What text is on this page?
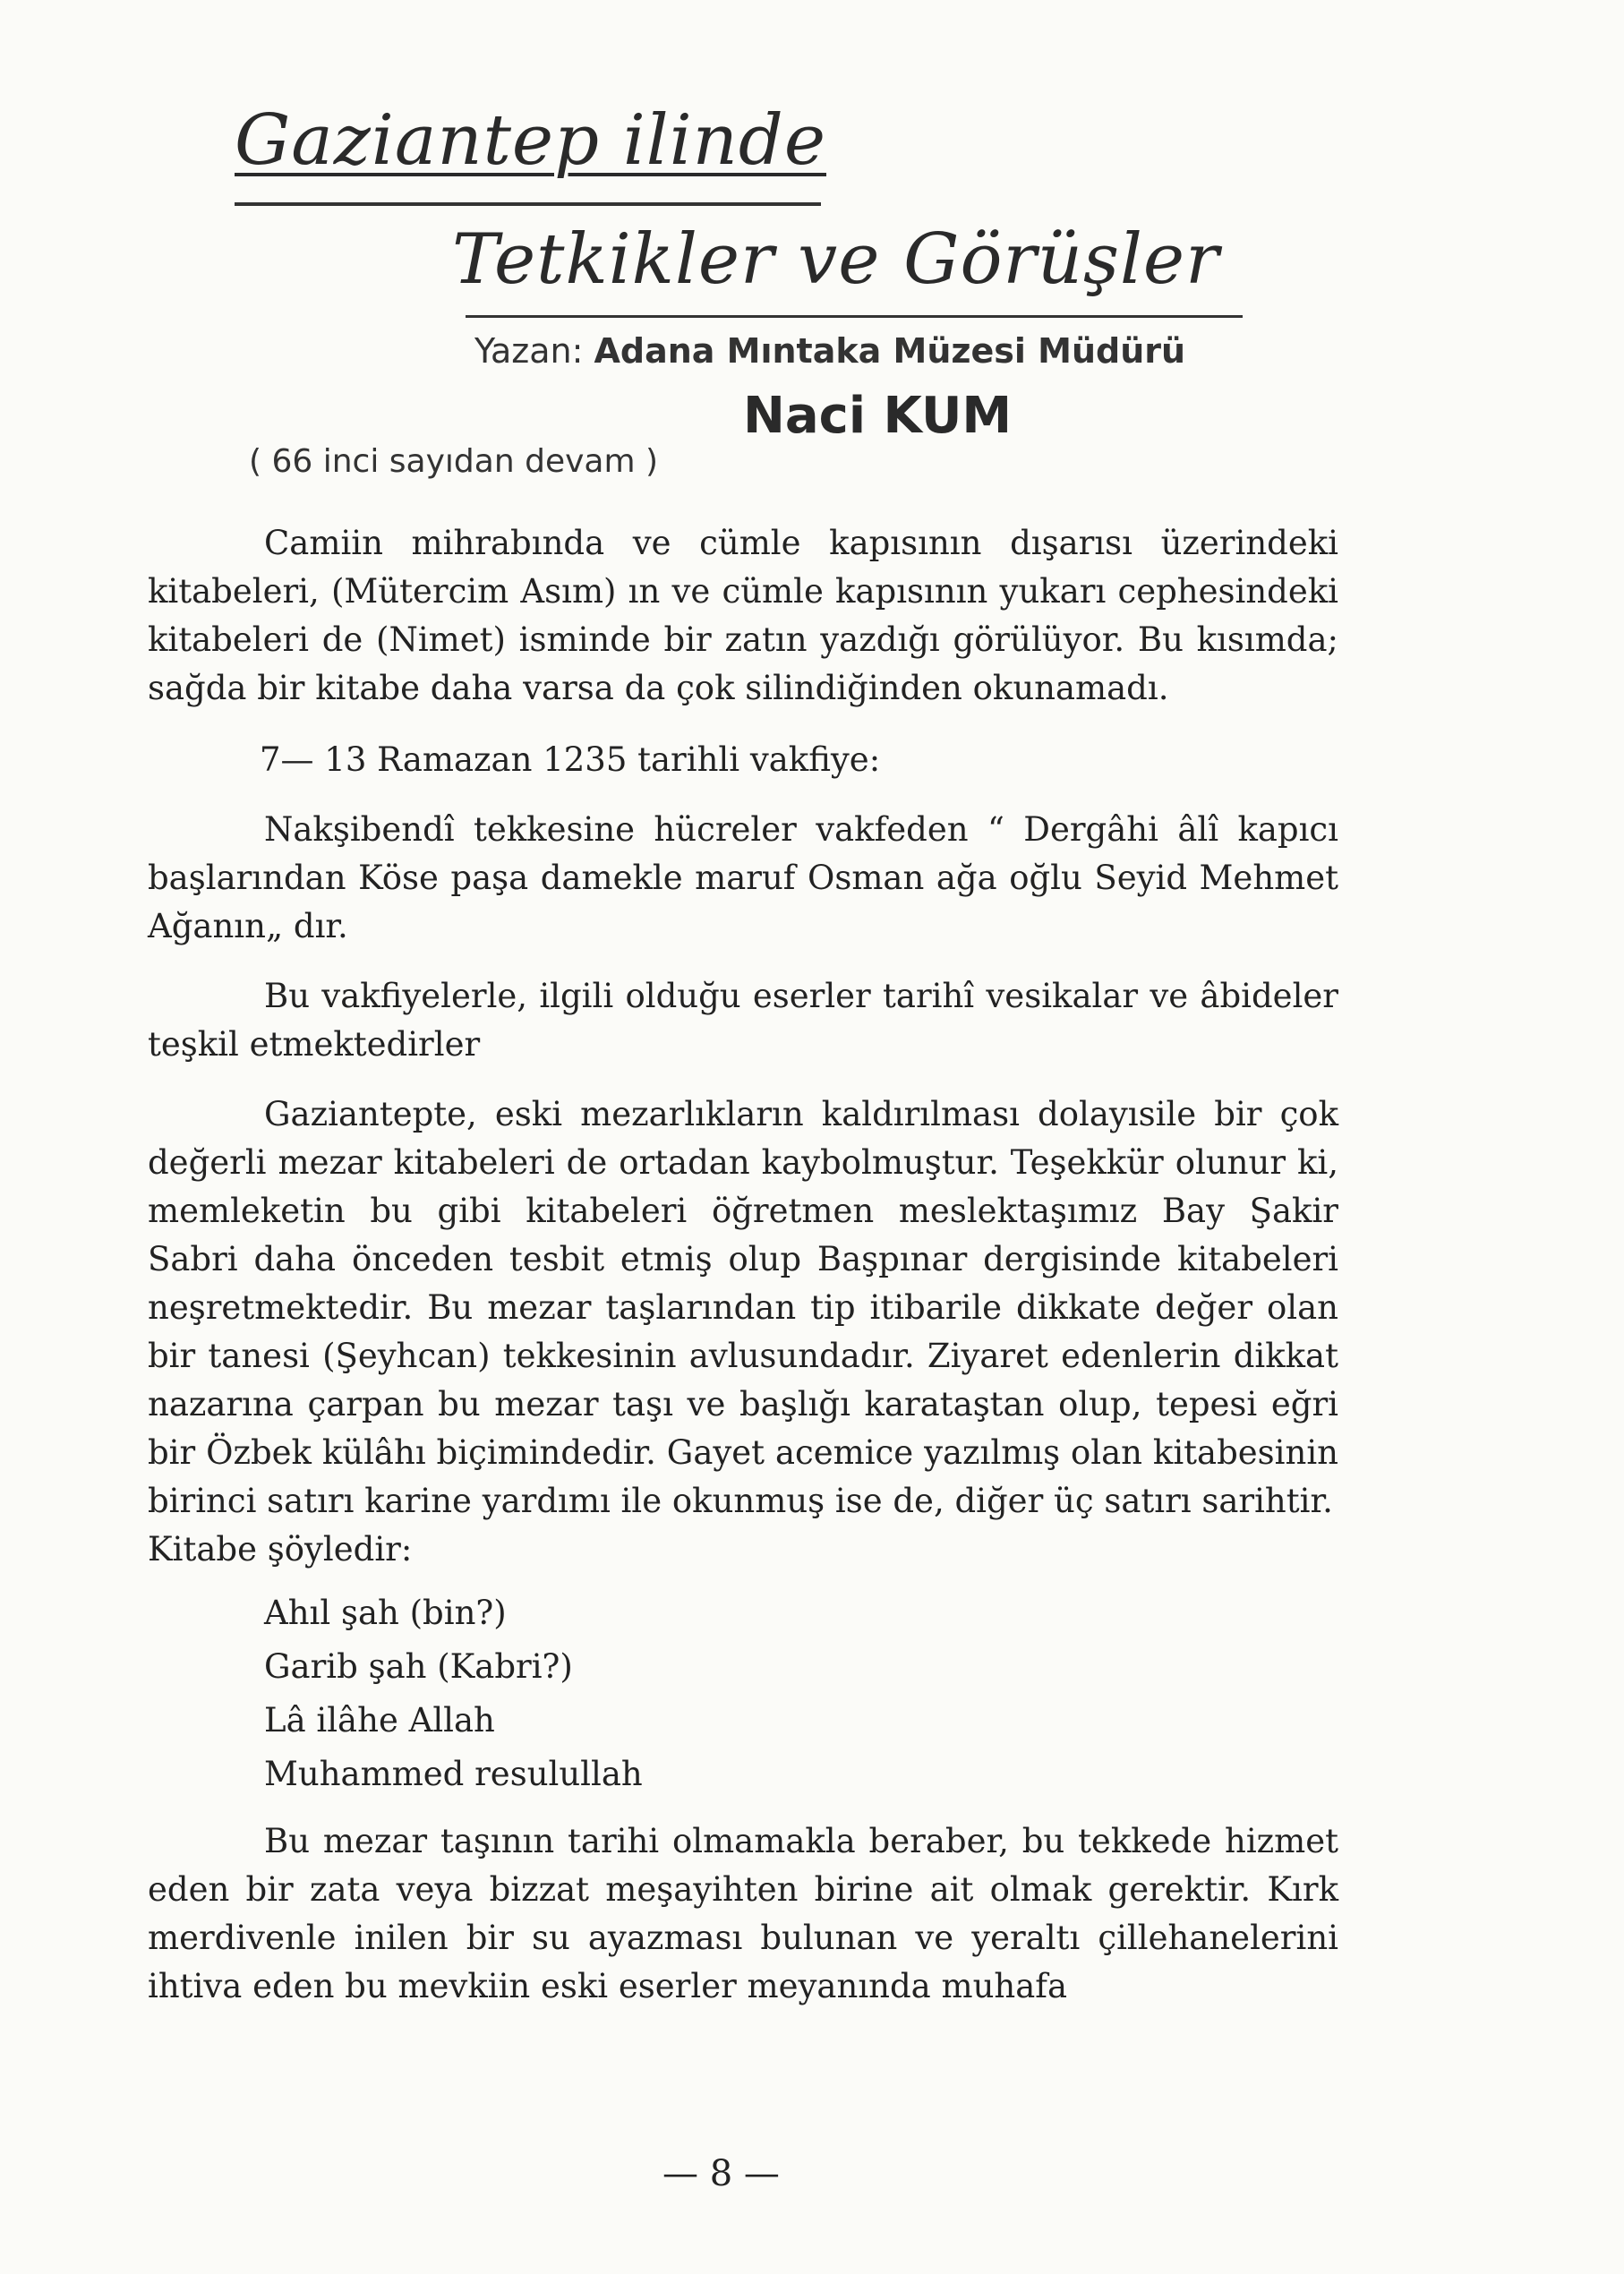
Gaziantep ilinde
Tetkikler ve Görüşler
Yazan: Adana Mıntaka Müzesi Müdürü
Naci KUM
( 66 inci sayıdan devam )

Camiin mihrabında ve cümle kapısının dışarısı üzerindeki kitabeleri, (Mütercim Asım) ın ve cümle kapısının yukarı cephesindeki kitabeleri de (Nimet) isminde bir zatın yazdığı görülüyor. Bu kısımda; sağda bir kitabe daha varsa da çok silindiğinden okunamadı.

7— 13 Ramazan 1235 tarihli vakfiye:

Nakşibendî tekkesine hücreler vakfeden “ Dergâhi âlî kapıcı başlarından Köse paşa damekle maruf Osman ağa oğlu Seyid Mehmet Ağanın„ dır.

Bu vakfiyelerle, ilgili olduğu eserler tarihî vesikalar ve âbideler teşkil etmektedirler

Gaziantepte, eski mezarlıkların kaldırılması dolayısile bir çok değerli mezar kitabeleri de ortadan kaybolmuştur. Teşekkür olunur ki, memleketin bu gibi kitabeleri öğretmen meslektaşımız Bay Şakir Sabri daha önceden tesbit etmiş olup Başpınar dergisinde kitabeleri neşretmektedir. Bu mezar taşlarından tip itibarile dikkate değer olan bir tanesi (Şeyhcan) tekkesinin avlusundadır. Ziyaret edenlerin dikkat nazarına çarpan bu mezar taşı ve başlığı karataştan olup, tepesi eğri bir Özbek külâhı biçimindedir. Gayet acemice yazılmış olan kitabesinin birinci satırı karine yardımı ile okunmuş ise de, diğer üç satırı sarihtir.

Kitabe şöyledir:

Ahıl şah (bin?)
Garib şah (Kabri?)
Lâ ilâhe Allah
Muhammed resulullah

Bu mezar taşının tarihi olmamakla beraber, bu tekkede hizmet eden bir zata veya bizzat meşayihten birine ait olmak gerektir. Kırk merdivenle inilen bir su ayazması bulunan ve yeraltı çillehanelerini ihtiva eden bu mevkiin eski eserler meyanında muhafa

— 8 —
